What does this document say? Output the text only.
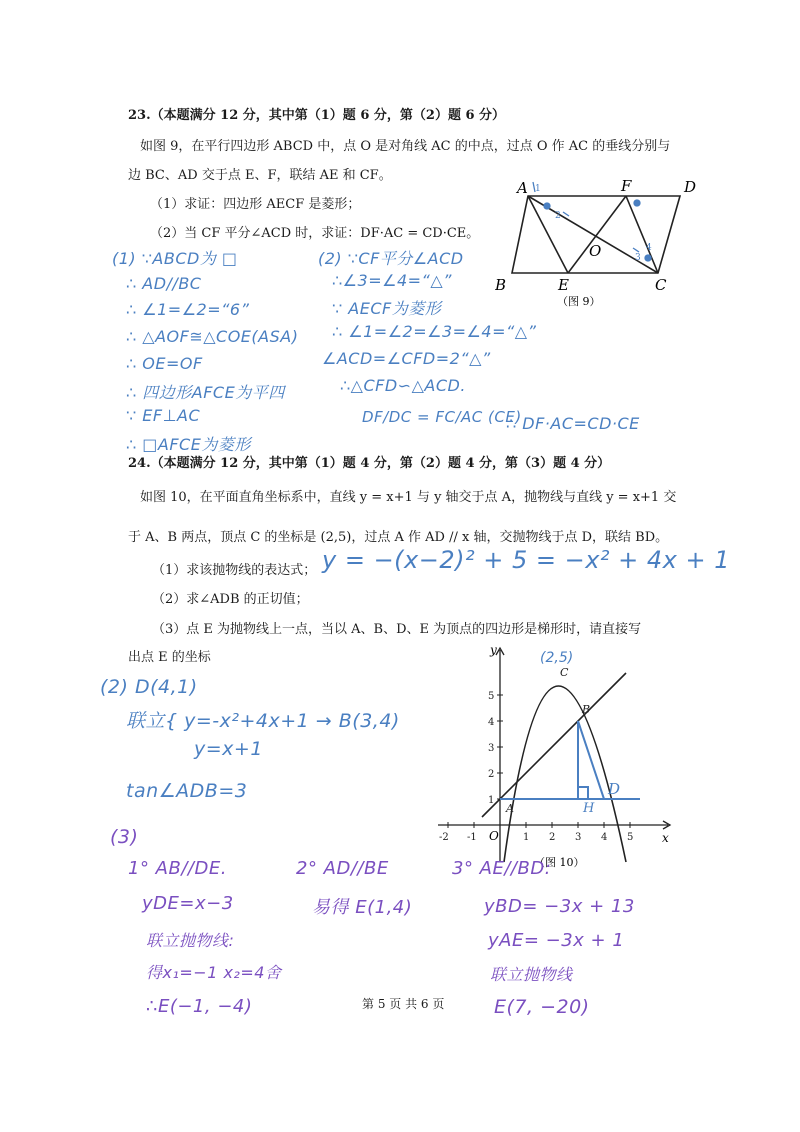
23.（本题满分 12 分，其中第（1）题 6 分，第（2）题 6 分）
如图 9，在平行四边形 ABCD 中，点 O 是对角线 AC 的中点，过点 O 作 AC 的垂线分别与
边 BC、AD 交于点 E、F，联结 AE 和 CF。
（1）求证：四边形 AECF 是菱形；
（2）当 CF 平分∠ACD 时，求证：DF·AC = CD·CE。
A	F	D
O
B	E	C
1
2
3
4
（图 9）
(1) ∵ABCD为 □
∴ AD//BC
∴ ∠1=∠2=“6”
∴ △AOF≅△COE(ASA)
∴ OE=OF
∴ 四边形AFCE为平四
∵ EF⊥AC
∴ □AFCE为菱形
(2) ∵CF平分∠ACD
∴∠3=∠4=“△”
∵ AECF为菱形
∴ ∠1=∠2=∠3=∠4=“△”
∠ACD=∠CFD=2“△”
∴△CFD∽△ACD.
DF/DC = FC/AC (CE)
∴ DF·AC=CD·CE
24.（本题满分 12 分，其中第（1）题 4 分，第（2）题 4 分，第（3）题 4 分）
如图 10，在平面直角坐标系中，直线 y = x+1 与 y 轴交于点 A，抛物线与直线 y = x+1 交
于 A、B 两点，顶点 C 的坐标是 (2,5)，过点 A 作 AD // x 轴，交抛物线于点 D，联结 BD。
（1）求该抛物线的表达式； y = −(x−2)² + 5 = −x² + 4x + 1
（2）求∠ADB 的正切值；
（3）点 E 为抛物线上一点，当以 A、B、D、E 为顶点的四边形是梯形时，请直接写
出点 E 的坐标	y
x
O
-2 -1	1 2 3 4 5
1
2
3
4
5
A
B
C
D
H
(2,5)
（图 10）
(2) D(4,1)
联立{ y=-x²+4x+1 → B(3,4)
y=x+1
tan∠ADB=3
(3)
1° AB//DE.
yDE=x−3
联立抛物线:
得x₁=−1 x₂=4舍
∴E(−1, −4)
2° AD//BE
易得 E(1,4)
3° AE//BD:
yBD= −3x + 13
yAE= −3x + 1
联立抛物线
E(7, −20)
第 5 页 共 6 页
